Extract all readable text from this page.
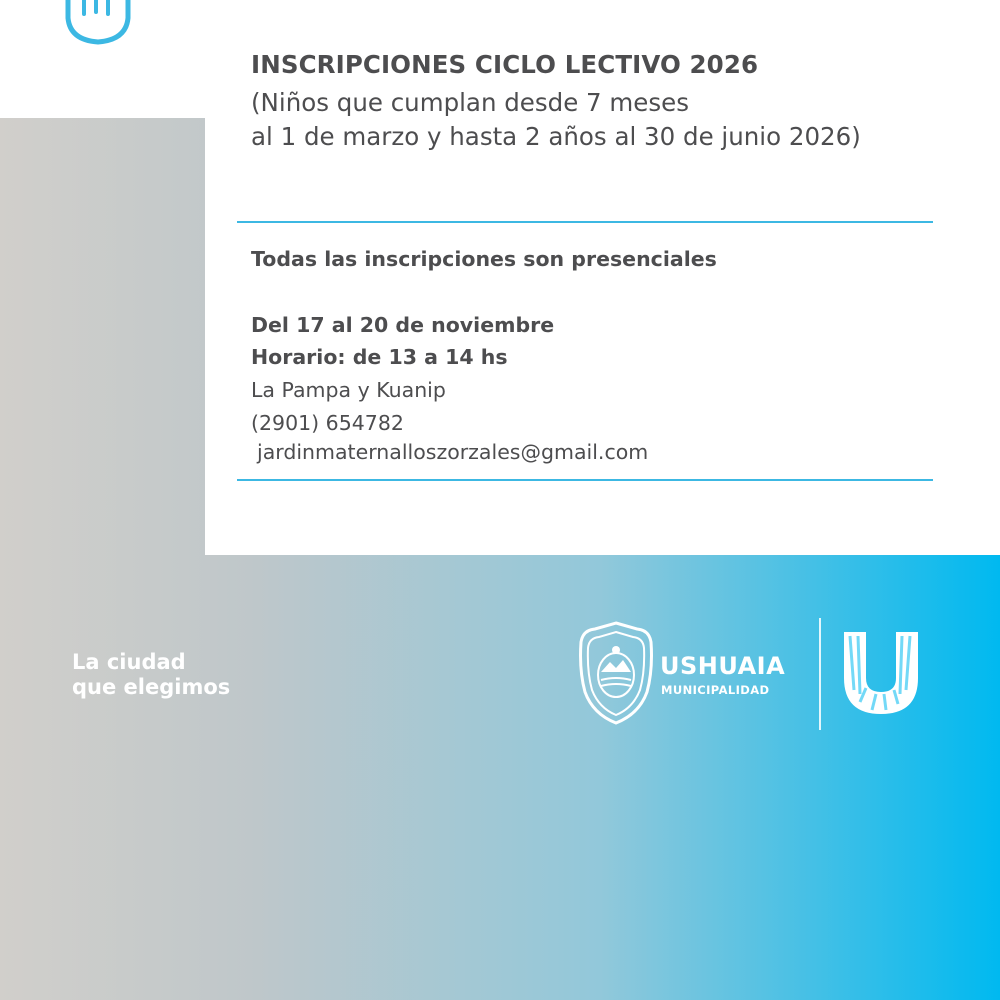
INSCRIPCIONES CICLO LECTIVO 2026
(Niños que cumplan desde 7 meses
al 1 de marzo y hasta 2 años al 30 de junio 2026)
Todas las inscripciones son presenciales
Del 17 al 20 de noviembre
Horario: de 13 a 14 hs
La Pampa y Kuanip
(2901) 654782
jardinmaternalloszorzales@gmail.com
La ciudad
que elegimos
USHUAIA
MUNICIPALIDAD
